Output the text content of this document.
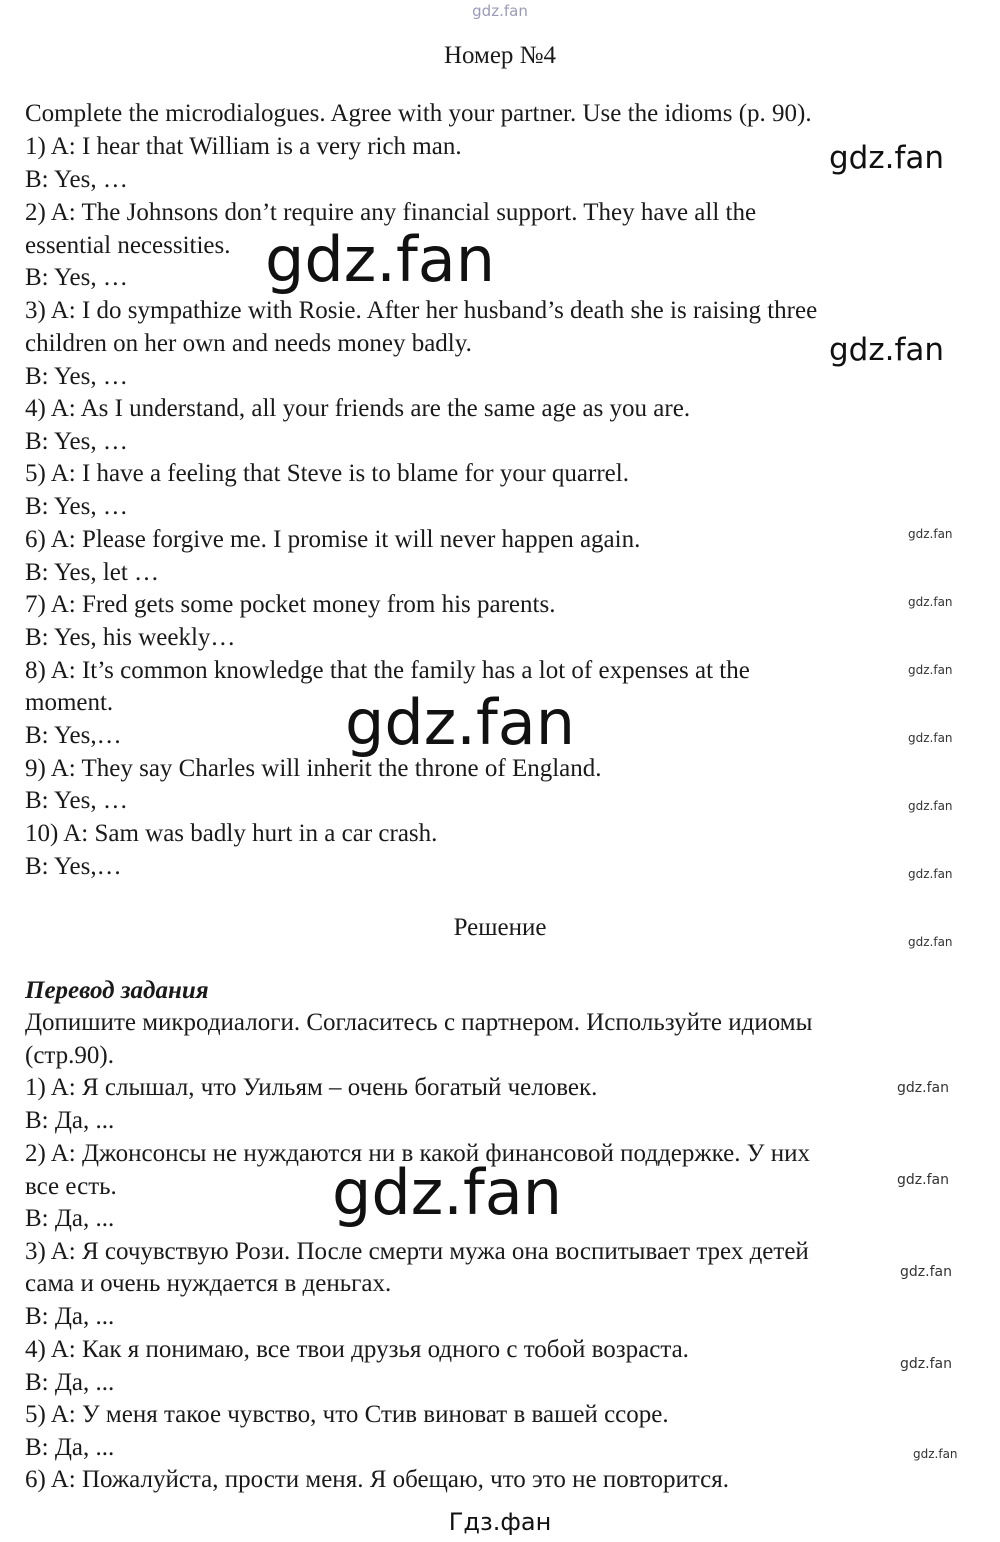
gdz.fan
Номер №4
Complete the microdialogues. Agree with your partner. Use the idioms (p. 90).
1) A: I hear that William is a very rich man.
B: Yes, …
2) A: The Johnsons don’t require any financial support. They have all the
essential necessities.
B: Yes, …
3) A: I do sympathize with Rosie. After her husband’s death she is raising three
children on her own and needs money badly.
B: Yes, …
4) A: As I understand, all your friends are the same age as you are.
B: Yes, …
5) A: I have a feeling that Steve is to blame for your quarrel.
B: Yes, …
6) A: Please forgive me. I promise it will never happen again.
B: Yes, let …
7) A: Fred gets some pocket money from his parents.
B: Yes, his weekly…
8) A: It’s common knowledge that the family has a lot of expenses at the
moment.
B: Yes,…
9) A: They say Charles will inherit the throne of England.
B: Yes, …
10) A: Sam was badly hurt in a car crash.
B: Yes,…
Решение
Перевод задания
Допишите микродиалоги. Согласитесь с партнером. Используйте идиомы
(стр.90).
1) A: Я слышал, что Уильям – очень богатый человек.
B: Да, ...
2) A: Джонсонсы не нуждаются ни в какой финансовой поддержке. У них
все есть.
B: Да, ...
3) A: Я сочувствую Рози. После смерти мужа она воспитывает трех детей
сама и очень нуждается в деньгах.
B: Да, ...
4) A: Как я понимаю, все твои друзья одного с тобой возраста.
B: Да, ...
5) A: У меня такое чувство, что Стив виноват в вашей ссоре.
B: Да, ...
6) A: Пожалуйста, прости меня. Я обещаю, что это не повторится.
gdz.fan
gdz.fan
gdz.fan
gdz.fan
gdz.fan
gdz.fan
gdz.fan
gdz.fan
gdz.fan
gdz.fan
gdz.fan
gdz.fan
gdz.fan
gdz.fan
gdz.fan
gdz.fan
gdz.fan
Гдз.фан
